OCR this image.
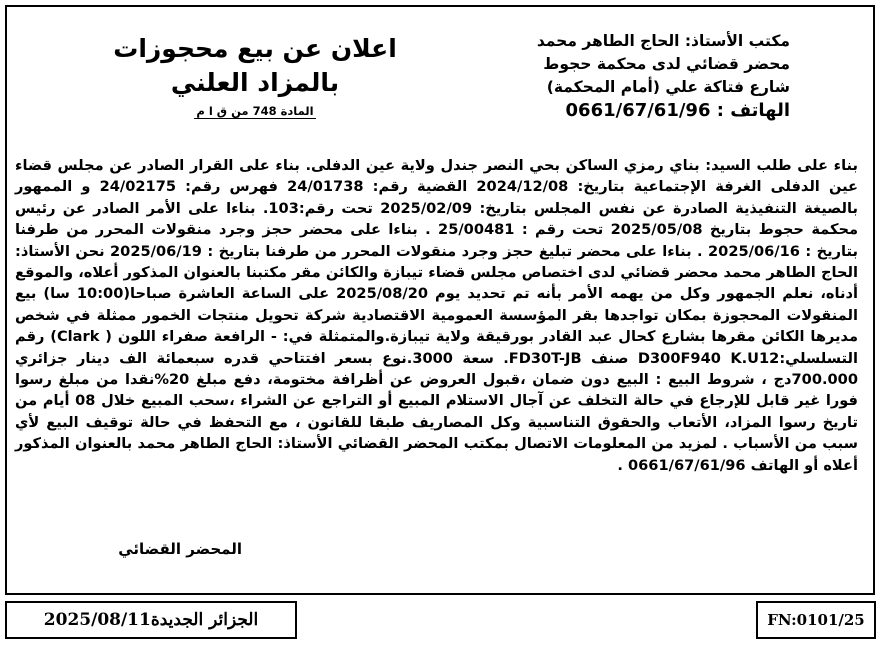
مكتب الأستاذ: الحاج الطاهر محمد
محضر قضائي لدى محكمة حجوط
شارع فتاكة علي (أمام المحكمة)
الهاتف : 0661/67/61/96
اعلان عن بيع محجوزات
بالمزاد العلني
المادة 748 من ق ا م

بناء على طلب السيد: بناي رمزي الساكن بحي النصر جندل ولاية عين الدفلى. بناء على القرار الصادر عن مجلس قضاء عين الدفلى الغرفة الإجتماعية بتاريخ: 2024/12/08 القضية رقم: 24/01738 فهرس رقم: 24/02175 و الممهور بالصيغة التنفيذية الصادرة عن نفس المجلس بتاريخ: 2025/02/09 تحت رقم:103. بناءا على الأمر الصادر عن رئيس محكمة حجوط بتاريخ 2025/05/08 تحت رقم : 25/00481 . بناءا على محضر حجز وجرد منقولات المحرر من طرفنا بتاريخ : 2025/06/16 . بناءا على محضر تبليغ حجز وجرد منقولات المحرر من طرفنا بتاريخ : 2025/06/19 نحن الأستاذ: الحاج الطاهر محمد محضر قضائي لدى اختصاص مجلس قضاء تيبازة والكائن مقر مكتبنا بالعنوان المذكور أعلاه، والموقع أدناه، نعلم الجمهور وكل من يهمه الأمر بأنه تم تحديد يوم 2025/08/20 على الساعة العاشرة صباحا(10:00 سا) بيع المنقولات المحجوزة بمكان تواجدها بقر المؤسسة العمومية الاقتصادية شركة تحويل منتجات الخمور ممثلة في شخص مديرها الكائن مقرها بشارع كحال عبد القادر بورقيقة ولاية تيبازة.والمتمثلة في: - الرافعة صفراء اللون ( Clark) رقم التسلسلي:D300F940 K.U12 صنف FD30T-JB. سعة 3000.نوع بسعر افتتاحي قدره سبعمائة الف دينار جزائري 700.000دج ، شروط البيع : البيع دون ضمان ،قبول العروض عن أظرافة مختومة، دفع مبلغ 20%نقدا من مبلغ رسوا فورا غير قابل للإرجاع في حالة التخلف عن آجال الاستلام المبيع أو التراجع عن الشراء ،سحب المبيع خلال 08 أيام من تاريخ رسوا المزاد، الأتعاب والحقوق التناسبية وكل المصاريف طبقا للقانون ، مع التحفظ في حالة توقيف البيع لأي سبب من الأسباب . لمزيد من المعلومات الاتصال بمكتب المحضر القضائي الأستاذ: الحاج الطاهر محمد بالعنوان المذكور أعلاه أو الهاتف 0661/67/61/96 .

المحضر القضائي
الجزائر الجديدة
2025/08/11	FN:0101/25
